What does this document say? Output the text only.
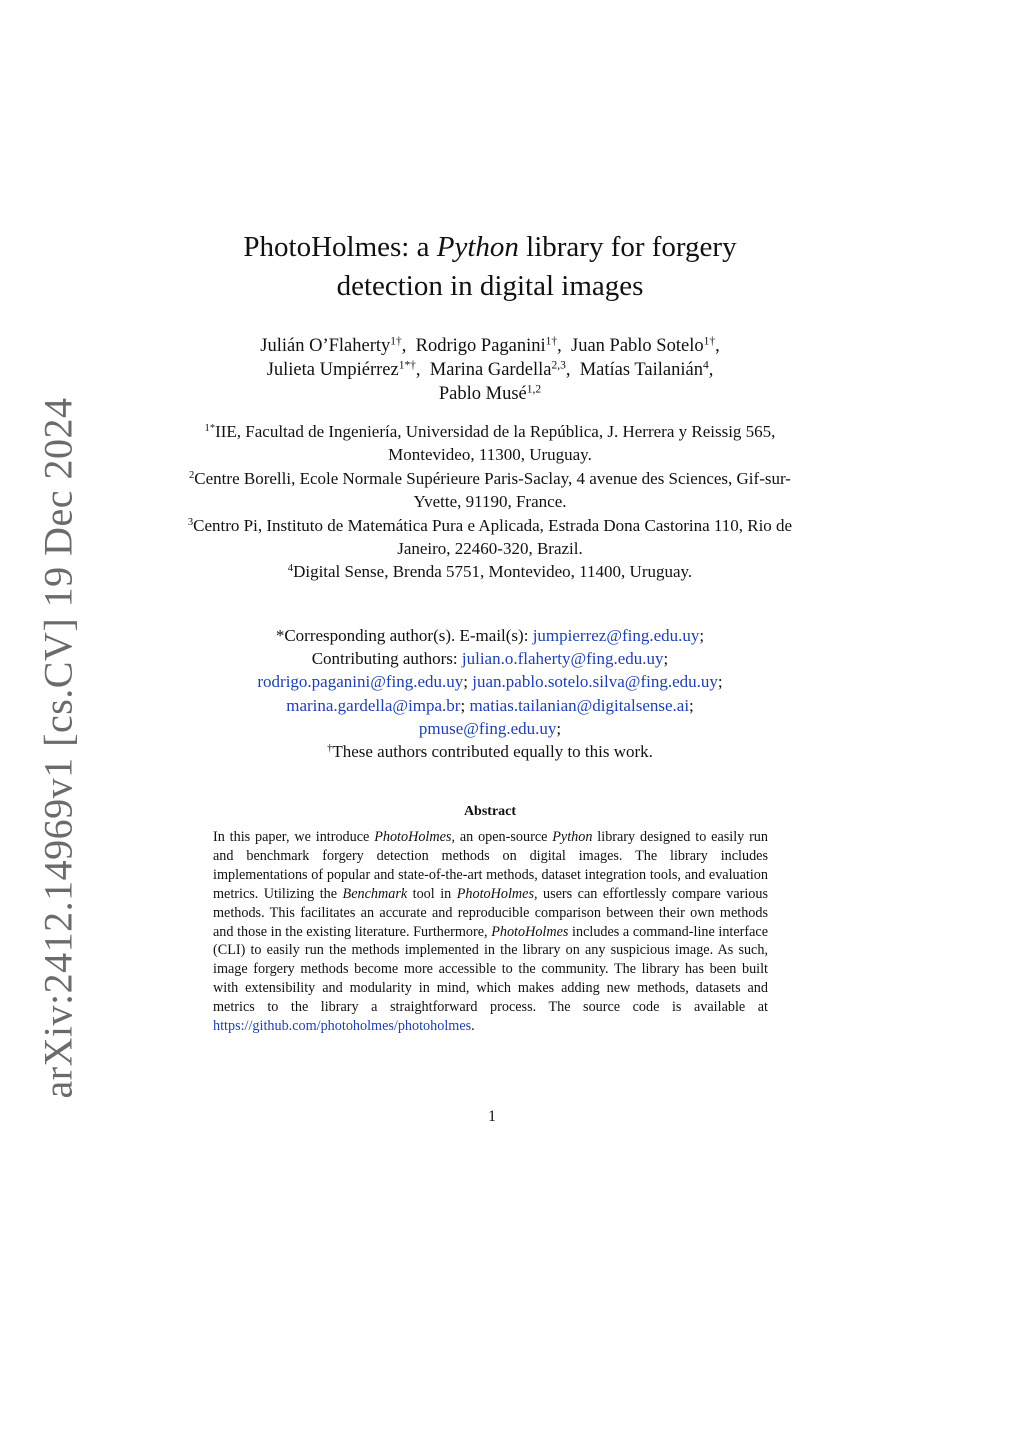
arXiv:2412.14969v1 [cs.CV] 19 Dec 2024
PhotoHolmes: a Python library for forgery
detection in digital images
Julián O’Flaherty$^{1\dagger}$, Rodrigo Paganini$^{1\dagger}$, Juan Pablo Sotelo$^{1\dagger}$,
Julieta Umpiérrez$^{1*\dagger}$, Marina Gardella$^{2,3}$, Matías Tailanián$^4$,
Pablo Musé$^{1,2}$
$^{1*}$IIE, Facultad de Ingeniería, Universidad de la República, J. Herrera y Reissig 565, Montevideo, 11300, Uruguay.
$^2$Centre Borelli, Ecole Normale Supérieure Paris-Saclay, 4 avenue des Sciences, Gif-sur-Yvette, 91190, France.
$^3$Centro Pi, Instituto de Matemática Pura e Aplicada, Estrada Dona Castorina 110, Rio de Janeiro, 22460-320, Brazil.
$^4$Digital Sense, Brenda 5751, Montevideo, 11400, Uruguay.
*Corresponding author(s). E-mail(s): jumpierrez@fing.edu.uy;
Contributing authors: julian.o.flaherty@fing.edu.uy;
rodrigo.paganini@fing.edu.uy; juan.pablo.sotelo.silva@fing.edu.uy;
marina.gardella@impa.br; matias.tailanian@digitalsense.ai;
pmuse@fing.edu.uy;
†These authors contributed equally to this work.
Abstract

In this paper, we introduce PhotoHolmes, an open-source Python library designed to easily run and benchmark forgery detection methods on digital images. The library includes implementations of popular and state-of-the-art methods, dataset integration tools, and evaluation metrics. Utilizing the Benchmark tool in PhotoHolmes, users can effortlessly compare various methods. This facilitates an accurate and reproducible comparison between their own methods and those in the existing literature. Furthermore, PhotoHolmes includes a command-line interface (CLI) to easily run the methods implemented in the library on any suspicious image. As such, image forgery methods become more accessible to the community. The library has been built with extensibility and modularity in mind, which makes adding new methods, datasets and metrics to the library a straightforward process. The source code is available at https://github.com/photoholmes/photoholmes.

1
